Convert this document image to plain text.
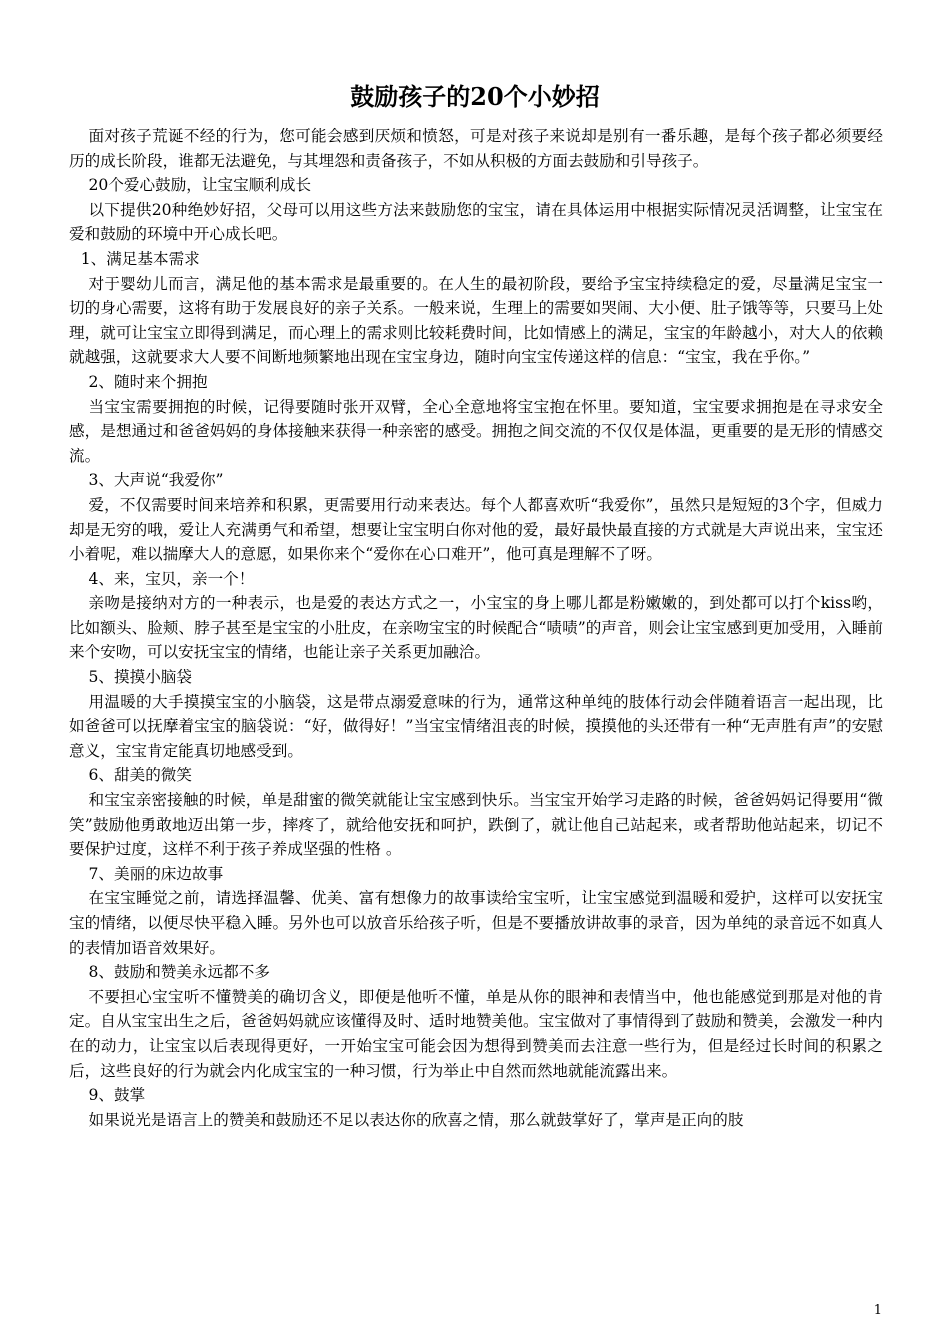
鼓励孩子的20个小妙招

面对孩子荒诞不经的行为，您可能会感到厌烦和愤怒，可是对孩子来说却是别有一番乐趣，是每个孩子都必须要经历的成长阶段，谁都无法避免，与其埋怨和责备孩子，不如从积极的方面去鼓励和引导孩子。

20个爱心鼓励，让宝宝顺利成长

以下提供20种绝妙好招，父母可以用这些方法来鼓励您的宝宝，请在具体运用中根据实际情况灵活调整，让宝宝在爱和鼓励的环境中开心成长吧。

1、满足基本需求

对于婴幼儿而言，满足他的基本需求是最重要的。在人生的最初阶段，要给予宝宝持续稳定的爱，尽量满足宝宝一切的身心需要，这将有助于发展良好的亲子关系。一般来说，生理上的需要如哭闹、大小便、肚子饿等等，只要马上处理，就可让宝宝立即得到满足，而心理上的需求则比较耗费时间，比如情感上的满足，宝宝的年龄越小，对大人的依赖就越强，这就要求大人要不间断地频繁地出现在宝宝身边，随时向宝宝传递这样的信息：“宝宝，我在乎你。”

2、随时来个拥抱

当宝宝需要拥抱的时候，记得要随时张开双臂，全心全意地将宝宝抱在怀里。要知道，宝宝要求拥抱是在寻求安全感，是想通过和爸爸妈妈的身体接触来获得一种亲密的感受。拥抱之间交流的不仅仅是体温，更重要的是无形的情感交流。

3、大声说“我爱你”

爱，不仅需要时间来培养和积累，更需要用行动来表达。每个人都喜欢听“我爱你”，虽然只是短短的3个字，但威力却是无穷的哦，爱让人充满勇气和希望，想要让宝宝明白你对他的爱，最好最快最直接的方式就是大声说出来，宝宝还小着呢，难以揣摩大人的意愿，如果你来个“爱你在心口难开”，他可真是理解不了呀。

4、来，宝贝，亲一个！

亲吻是接纳对方的一种表示，也是爱的表达方式之一，小宝宝的身上哪儿都是粉嫩嫩的，到处都可以打个kiss哟，比如额头、脸颊、脖子甚至是宝宝的小肚皮，在亲吻宝宝的时候配合“啧啧”的声音，则会让宝宝感到更加受用，入睡前来个安吻，可以安抚宝宝的情绪，也能让亲子关系更加融洽。

5、摸摸小脑袋

用温暖的大手摸摸宝宝的小脑袋，这是带点溺爱意味的行为，通常这种单纯的肢体行动会伴随着语言一起出现，比如爸爸可以抚摩着宝宝的脑袋说：“好，做得好！”当宝宝情绪沮丧的时候，摸摸他的头还带有一种“无声胜有声”的安慰意义，宝宝肯定能真切地感受到。

6、甜美的微笑

和宝宝亲密接触的时候，单是甜蜜的微笑就能让宝宝感到快乐。当宝宝开始学习走路的时候，爸爸妈妈记得要用“微笑”鼓励他勇敢地迈出第一步，摔疼了，就给他安抚和呵护，跌倒了，就让他自己站起来，或者帮助他站起来，切记不要保护过度，这样不利于孩子养成坚强的性格 。

7、美丽的床边故事

在宝宝睡觉之前，请选择温馨、优美、富有想像力的故事读给宝宝听，让宝宝感觉到温暖和爱护，这样可以安抚宝宝的情绪，以便尽快平稳入睡。另外也可以放音乐给孩子听，但是不要播放讲故事的录音，因为单纯的录音远不如真人的表情加语音效果好。

8、鼓励和赞美永远都不多

不要担心宝宝听不懂赞美的确切含义，即便是他听不懂，单是从你的眼神和表情当中，他也能感觉到那是对他的肯定。自从宝宝出生之后，爸爸妈妈就应该懂得及时、适时地赞美他。宝宝做对了事情得到了鼓励和赞美，会激发一种内在的动力，让宝宝以后表现得更好，一开始宝宝可能会因为想得到赞美而去注意一些行为，但是经过长时间的积累之后，这些良好的行为就会内化成宝宝的一种习惯，行为举止中自然而然地就能流露出来。

9、鼓掌

如果说光是语言上的赞美和鼓励还不足以表达你的欣喜之情，那么就鼓掌好了，掌声是正向的肢

1
